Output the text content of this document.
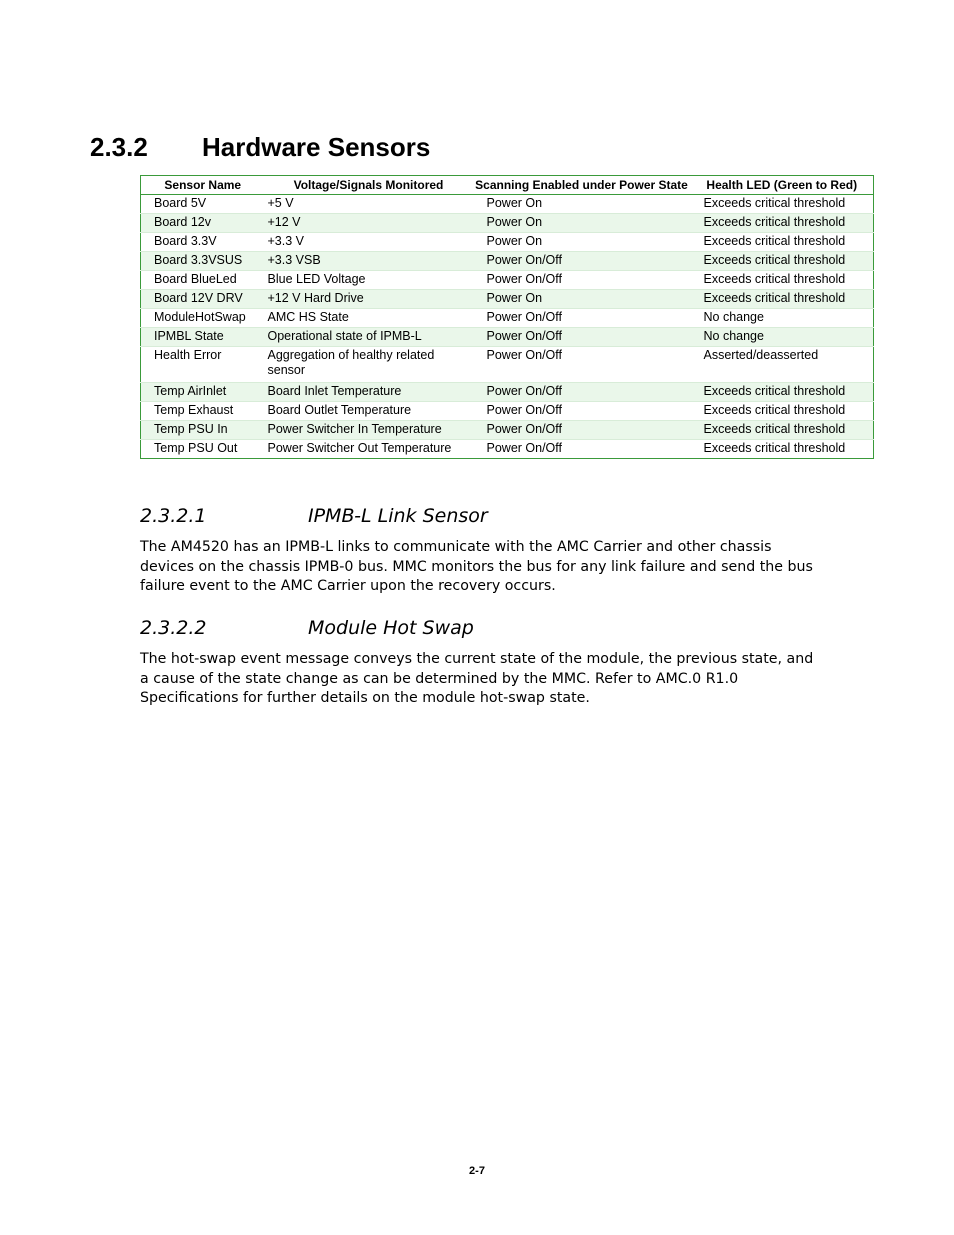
2.3.2 Hardware Sensors
Sensor Name	Voltage/Signals Monitored	Scanning Enabled under Power State	Health LED (Green to Red)
Board 5V	+5 V	Power On	Exceeds critical threshold
Board 12v	+12 V	Power On	Exceeds critical threshold
Board 3.3V	+3.3 V	Power On	Exceeds critical threshold
Board 3.3VSUS	+3.3 VSB	Power On/Off	Exceeds critical threshold
Board BlueLed	Blue LED Voltage	Power On/Off	Exceeds critical threshold
Board 12V DRV	+12 V Hard Drive	Power On	Exceeds critical threshold
ModuleHotSwap	AMC HS State	Power On/Off	No change
IPMBL State	Operational state of IPMB-L	Power On/Off	No change
Health Error	Aggregation of healthy related sensor	Power On/Off	Asserted/deasserted
Temp AirInlet	Board Inlet Temperature	Power On/Off	Exceeds critical threshold
Temp Exhaust	Board Outlet Temperature	Power On/Off	Exceeds critical threshold
Temp PSU In	Power Switcher In Temperature	Power On/Off	Exceeds critical threshold
Temp PSU Out	Power Switcher Out Temperature	Power On/Off	Exceeds critical threshold
2.3.2.1	IPMB-L Link Sensor

The AM4520 has an IPMB-L links to communicate with the AMC Carrier and other chassis devices on the chassis IPMB-0 bus. MMC monitors the bus for any link failure and send the bus failure event to the AMC Carrier upon the recovery occurs.

2.3.2.2	Module Hot Swap

The hot-swap event message conveys the current state of the module, the previous state, and a cause of the state change as can be determined by the MMC. Refer to AMC.0 R1.0 Specifications for further details on the module hot-swap state.

2-7
